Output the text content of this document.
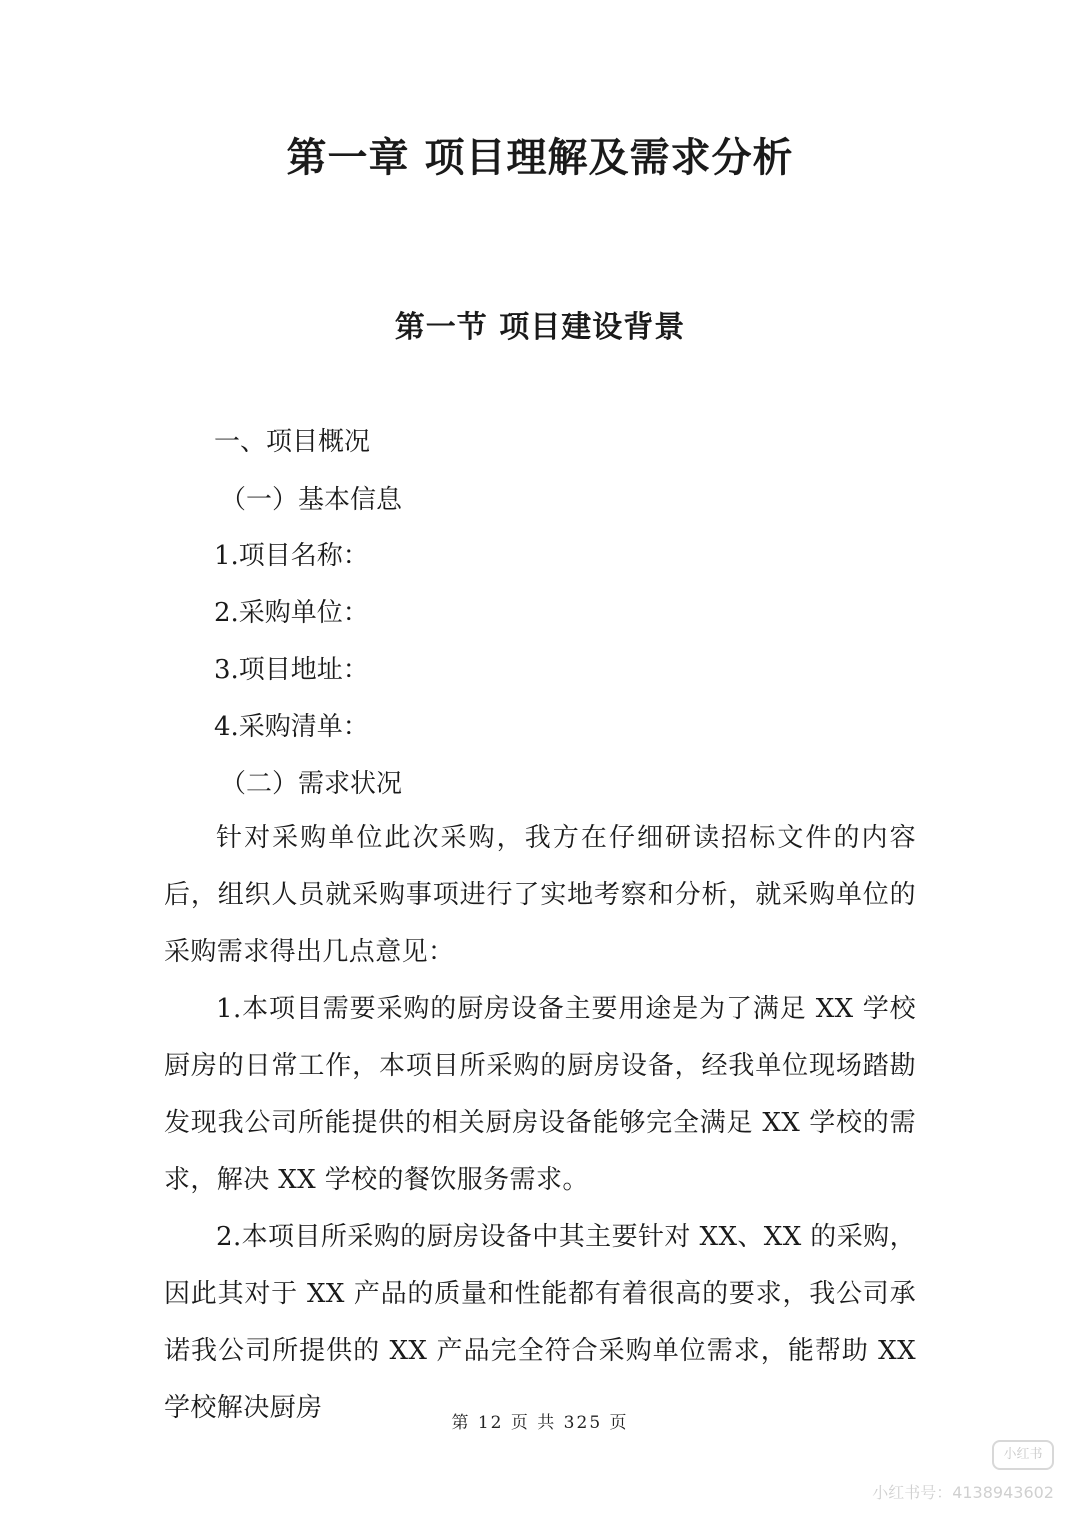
第一章 项目理解及需求分析
第一节 项目建设背景
一、项目概况
（一）基本信息
1.项目名称：
2.采购单位：
3.项目地址：
4.采购清单：
（二）需求状况

针对采购单位此次采购，我方在仔细研读招标文件的内容后，组织人员就采购事项进行了实地考察和分析，就采购单位的采购需求得出几点意见：

1.本项目需要采购的厨房设备主要用途是为了满足 XX 学校厨房的日常工作，本项目所采购的厨房设备，经我单位现场踏勘发现我公司所能提供的相关厨房设备能够完全满足 XX 学校的需求，解决 XX 学校的餐饮服务需求。

2.本项目所采购的厨房设备中其主要针对 XX、XX 的采购，因此其对于 XX 产品的质量和性能都有着很高的要求，我公司承诺我公司所提供的 XX 产品完全符合采购单位需求，能帮助 XX 学校解决厨房	第 12 页 共 325 页
小红书
小红书号：4138943602
